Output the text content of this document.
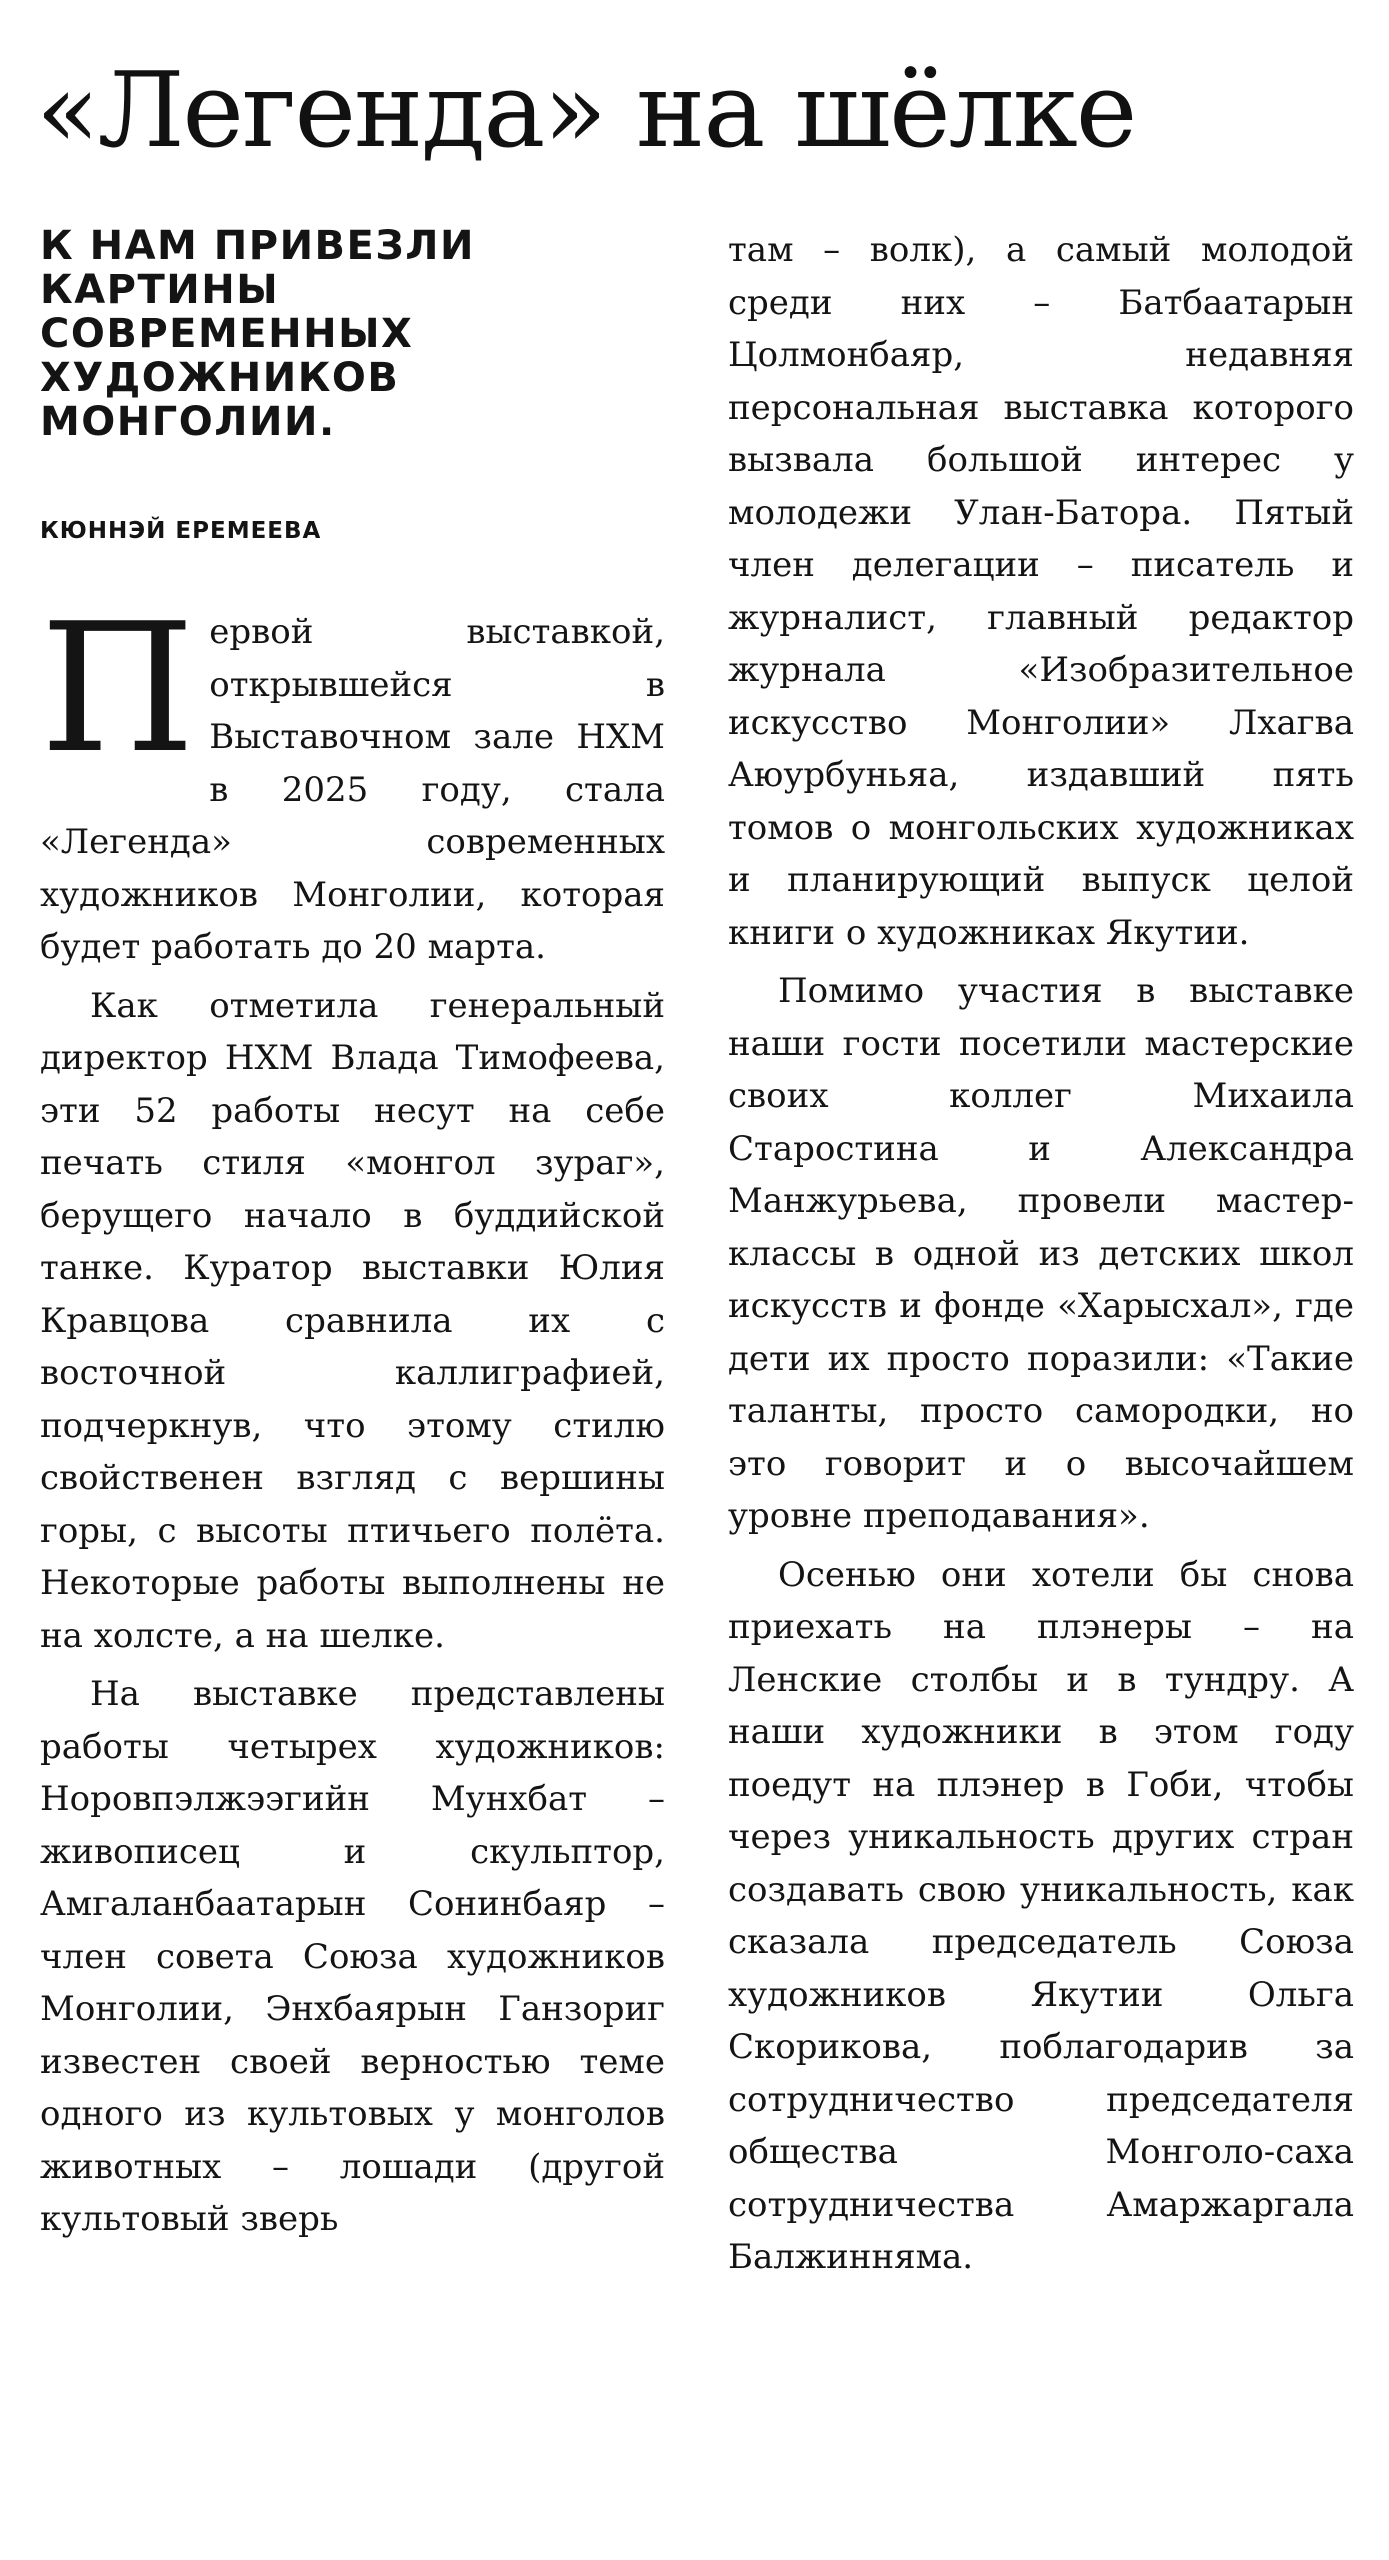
«Легенда» на шёлке

К НАМ ПРИВЕЗЛИ КАРТИНЫ СОВРЕМЕННЫХ ХУДОЖНИКОВ МОНГОЛИИ.

КЮННЭЙ ЕРЕМЕЕВА

Первой выставкой, открывшейся в Выставочном зале НХМ в 2025 году, стала «Легенда» современных художников Монголии, которая будет работать до 20 марта.

Как отметила генеральный директор НХМ Влада Тимофеева, эти 52 работы несут на себе печать стиля «монгол зураг», берущего начало в буддийской танке. Куратор выставки Юлия Кравцова сравнила их с восточной каллиграфией, подчеркнув, что этому стилю свойственен взгляд с вершины горы, с высоты птичьего полёта. Некоторые работы выполнены не на холсте, а на шелке.

На выставке представлены работы четырех художников: Норовпэлжээгийн Мунхбат – живописец и скульптор, Амгаланбаатарын Сонинбаяр – член совета Союза художников Монголии, Энхбаярын Ганзориг известен своей верностью теме одного из культовых у монголов животных – лошади (другой культовый зверь

там – волк), а самый молодой среди них – Батбаатарын Цолмонбаяр, недавняя персональная выставка которого вызвала большой интерес у молодежи Улан-Батора. Пятый член делегации – писатель и журналист, главный редактор журнала «Изобразительное искусство Монголии» Лхагва Аюурбуньяа, издавший пять томов о монгольских художниках и планирующий выпуск целой книги о художниках Якутии.

Помимо участия в выставке наши гости посетили мастерские своих коллег Михаила Старостина и Александра Манжурьева, провели мастер-классы в одной из детских школ искусств и фонде «Харысхал», где дети их просто поразили: «Такие таланты, просто самородки, но это говорит и о высочайшем уровне преподавания».

Осенью они хотели бы снова приехать на плэнеры – на Ленские столбы и в тундру. А наши художники в этом году поедут на плэнер в Гоби, чтобы через уникальность других стран создавать свою уникальность, как сказала председатель Союза художников Якутии Ольга Скорикова, поблагодарив за сотрудничество председателя общества Монголо-саха сотрудничества Амаржаргала Балжинняма.
